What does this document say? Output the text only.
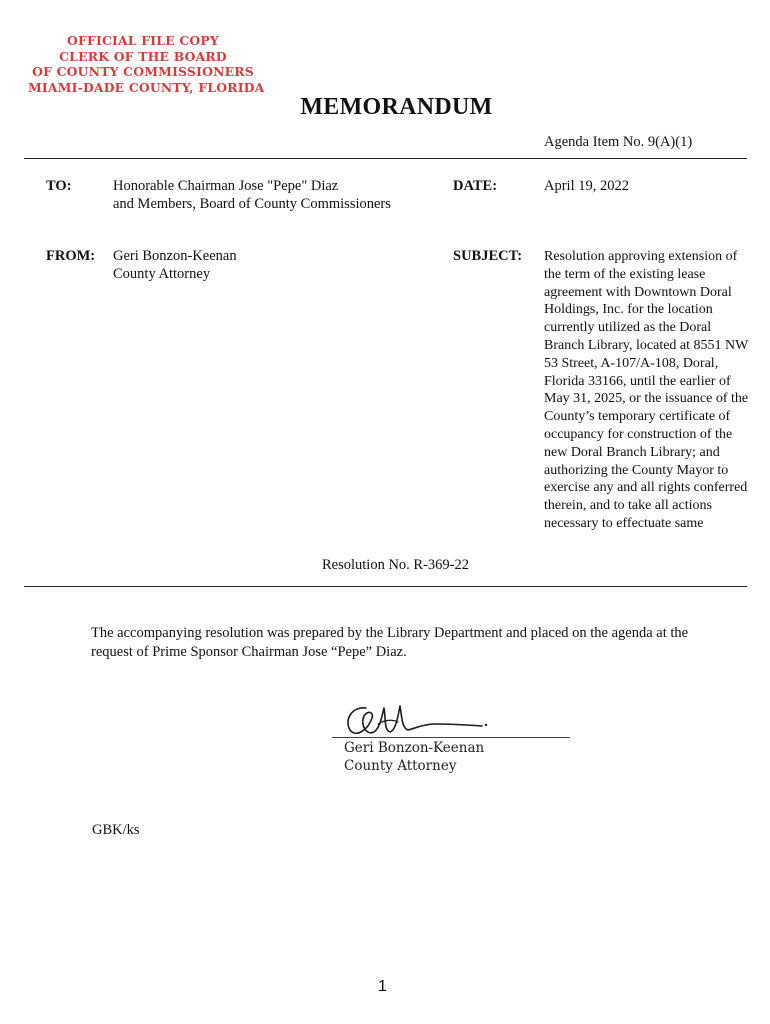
OFFICIAL FILE COPY
CLERK OF THE BOARD
OF COUNTY COMMISSIONERS
MIAMI-DADE COUNTY, FLORIDA
MEMORANDUM
Agenda Item No. 9(A)(1)
TO:	Honorable Chairman Jose "Pepe" Diaz
and Members, Board of County Commissioners
DATE:	April 19, 2022
FROM: Geri Bonzon-Keenan
County Attorney
SUBJECT: Resolution approving extension of the term of the existing lease agreement with Downtown Doral Holdings, Inc. for the location currently utilized as the Doral Branch Library, located at 8551 NW 53 Street, A-107/A-108, Doral, Florida 33166, until the earlier of May 31, 2025, or the issuance of the County’s temporary certificate of occupancy for construction of the new Doral Branch Library; and authorizing the County Mayor to exercise any and all rights conferred therein, and to take all actions necessary to effectuate same
Resolution No. R-369-22
The accompanying resolution was prepared by the Library Department and placed on the agenda at the request of Prime Sponsor Chairman Jose “Pepe” Diaz.
Geri Bonzon-Keenan
County Attorney
GBK/ks
1
